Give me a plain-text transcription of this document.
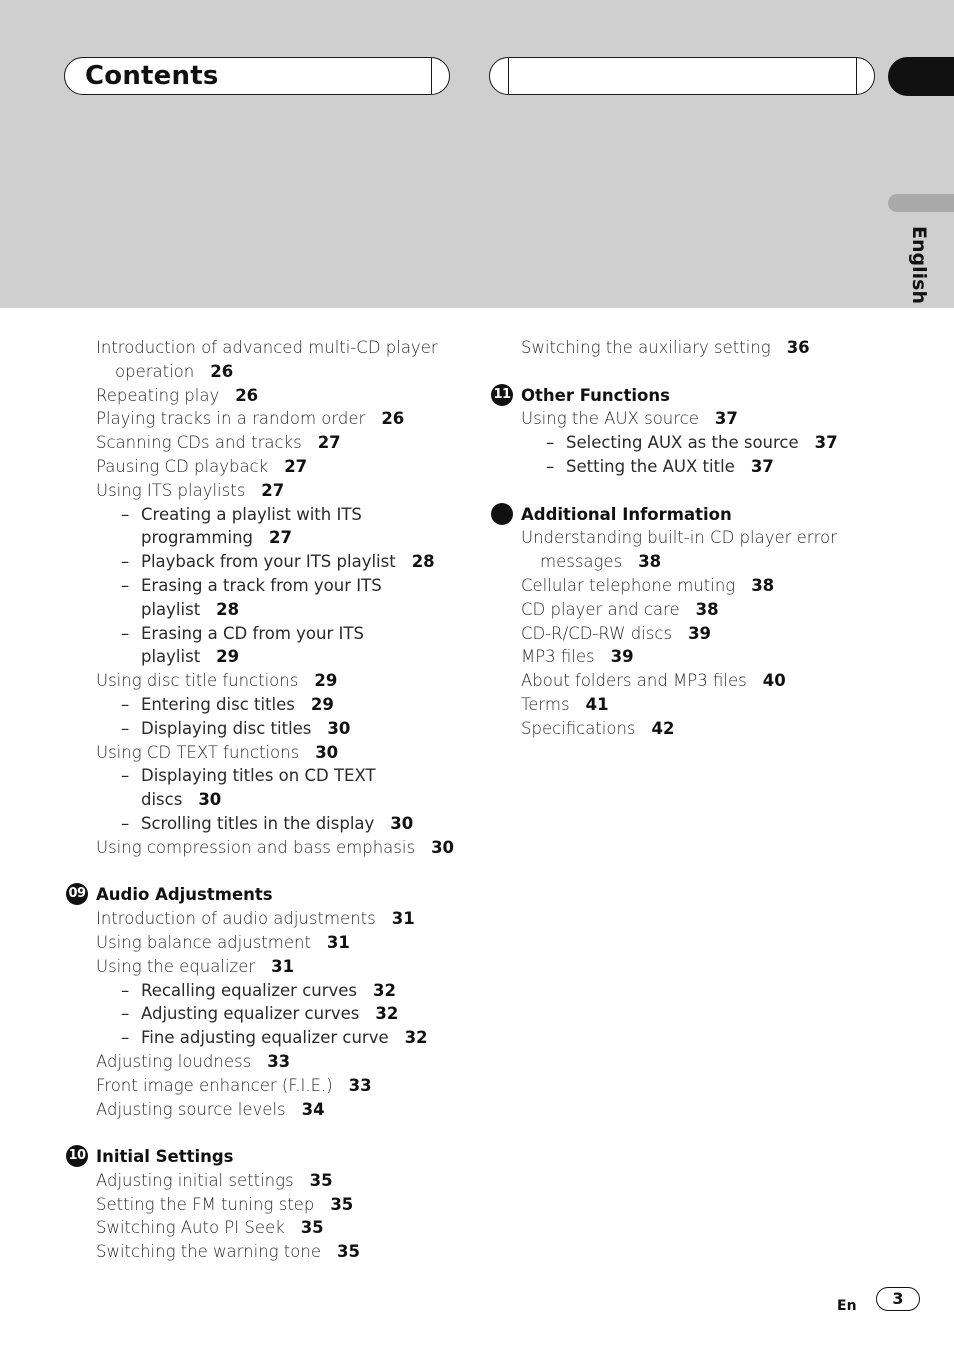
Contents
English
Introduction of advanced multi-CD player
operation 26
Repeating play 26
Playing tracks in a random order 26
Scanning CDs and tracks 27
Pausing CD playback 27
Using ITS playlists 27
– Creating a playlist with ITS
programming 27
– Playback from your ITS playlist 28
– Erasing a track from your ITS
playlist 28
– Erasing a CD from your ITS
playlist 29
Using disc title functions 29
– Entering disc titles 29
– Displaying disc titles 30
Using CD TEXT functions 30
– Displaying titles on CD TEXT
discs 30
– Scrolling titles in the display 30
Using compression and bass emphasis 30
09 Audio Adjustments
Introduction of audio adjustments 31
Using balance adjustment 31
Using the equalizer 31
– Recalling equalizer curves 32
– Adjusting equalizer curves 32
– Fine adjusting equalizer curve 32
Adjusting loudness 33
Front image enhancer (F.I.E.) 33
Adjusting source levels 34
10 Initial Settings
Adjusting initial settings 35
Setting the FM tuning step 35
Switching Auto PI Seek 35
Switching the warning tone 35
Switching the auxiliary setting 36
11 Other Functions
Using the AUX source 37
– Selecting AUX as the source 37
– Setting the AUX title 37
Additional Information
Understanding built-in CD player error
messages 38
Cellular telephone muting 38
CD player and care 38
CD-R/CD-RW discs 39
MP3 files 39
About folders and MP3 files 40
Terms 41
Specifications 42
En	3
